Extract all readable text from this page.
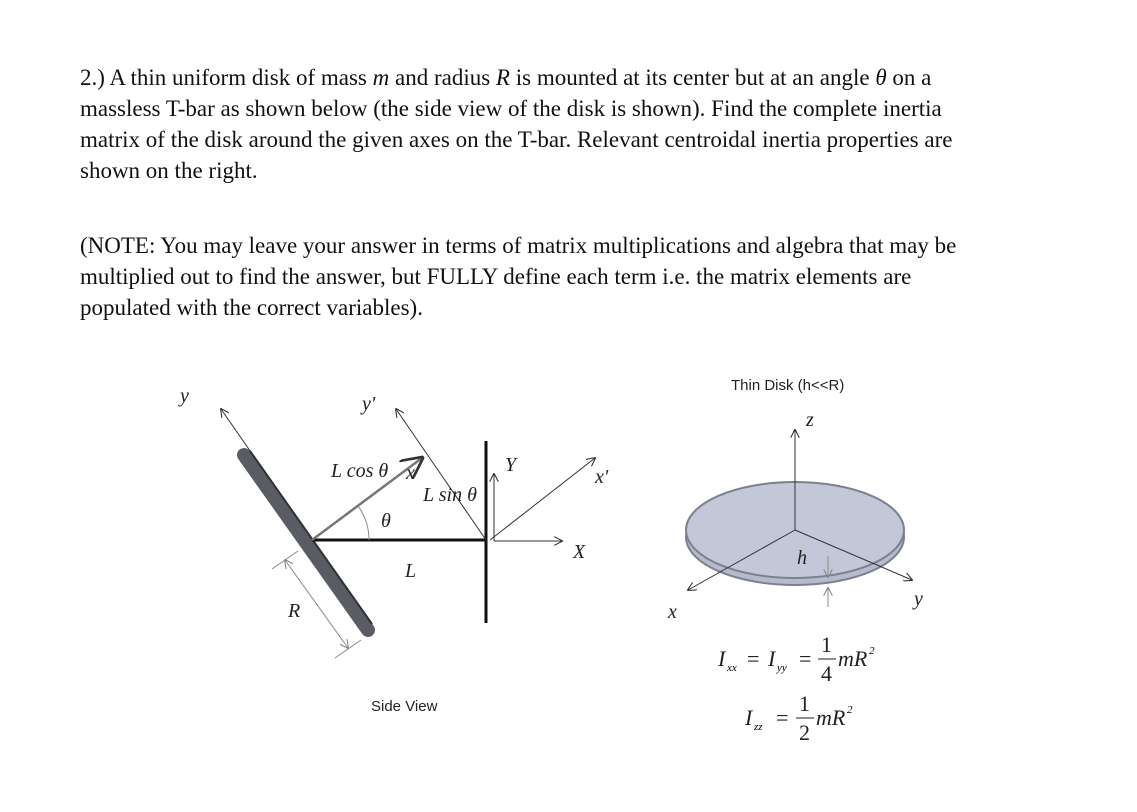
2.) A thin uniform disk of mass m and radius R is mounted at its center but at an angle θ on a
massless T-bar as shown below (the side view of the disk is shown). Find the complete inertia
matrix of the disk around the given axes on the T-bar. Relevant centroidal inertia properties are
shown on the right.
(NOTE: You may leave your answer in terms of matrix multiplications and algebra that may be
multiplied out to find the answer, but FULLY define each term i.e. the matrix elements are
populated with the correct variables).
y	y'
L cos θ x
L sin θ
θ
Y
x'
X
L
R
Side View
Thin Disk (h<<R)
z
x
y
h
I xx = I yy =
1
4
mR 2
I zz =
1
2
mR 2
